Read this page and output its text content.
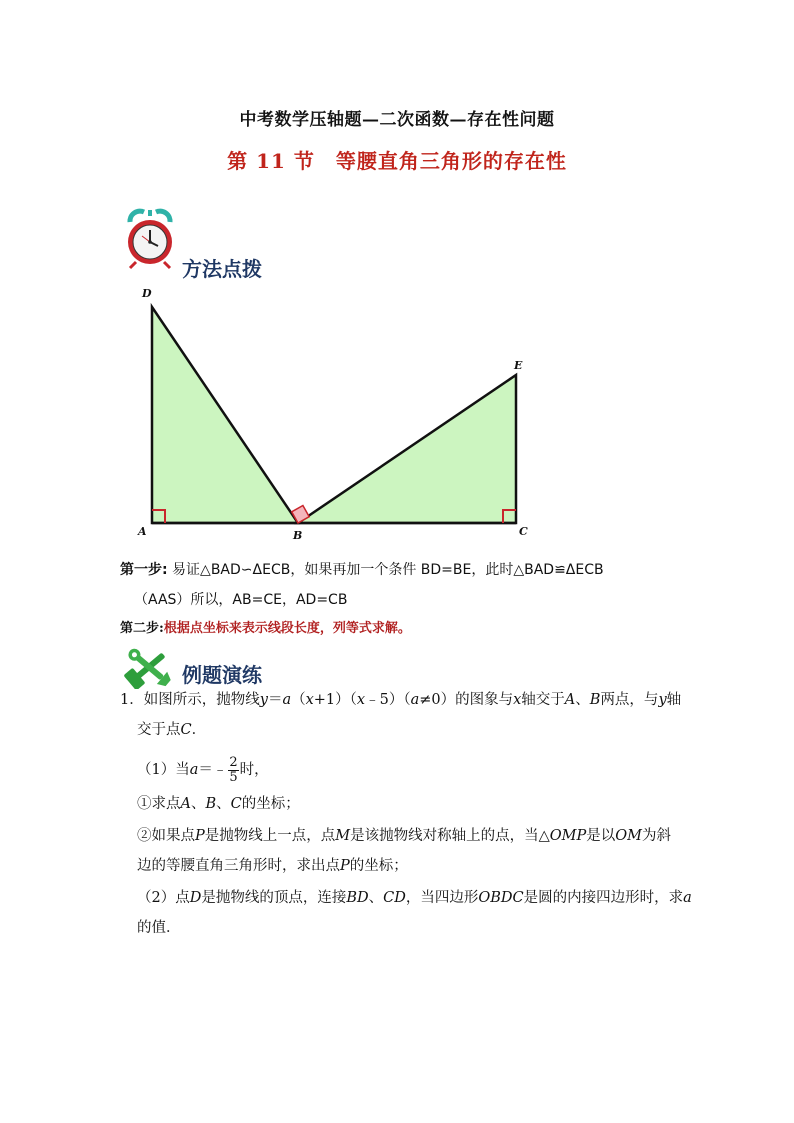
中考数学压轴题—二次函数—存在性问题
第 11 节　等腰直角三角形的存在性
方法点拨
D
E
A	B	C
第一步: 易证△BAD∽ΔECB，如果再加一个条件 BD=BE，此时△BAD≌ΔECB
（AAS）所以，AB=CE，AD=CB
第二步:根据点坐标来表示线段长度，列等式求解。
例题演练
1．如图所示，抛物线y＝a（x+1）（x﹣5）（a≠0）的图象与x轴交于A、B两点，与y轴
交于点C．
（1）当a＝﹣ $\frac{2}{5}$ 时，
①求点A、B、C的坐标；
②如果点P是抛物线上一点，点M是该抛物线对称轴上的点，当△OMP是以OM为斜
边的等腰直角三角形时，求出点P的坐标；
（2）点D是抛物线的顶点，连接BD、CD，当四边形OBDC是圆的内接四边形时，求a
的值．
